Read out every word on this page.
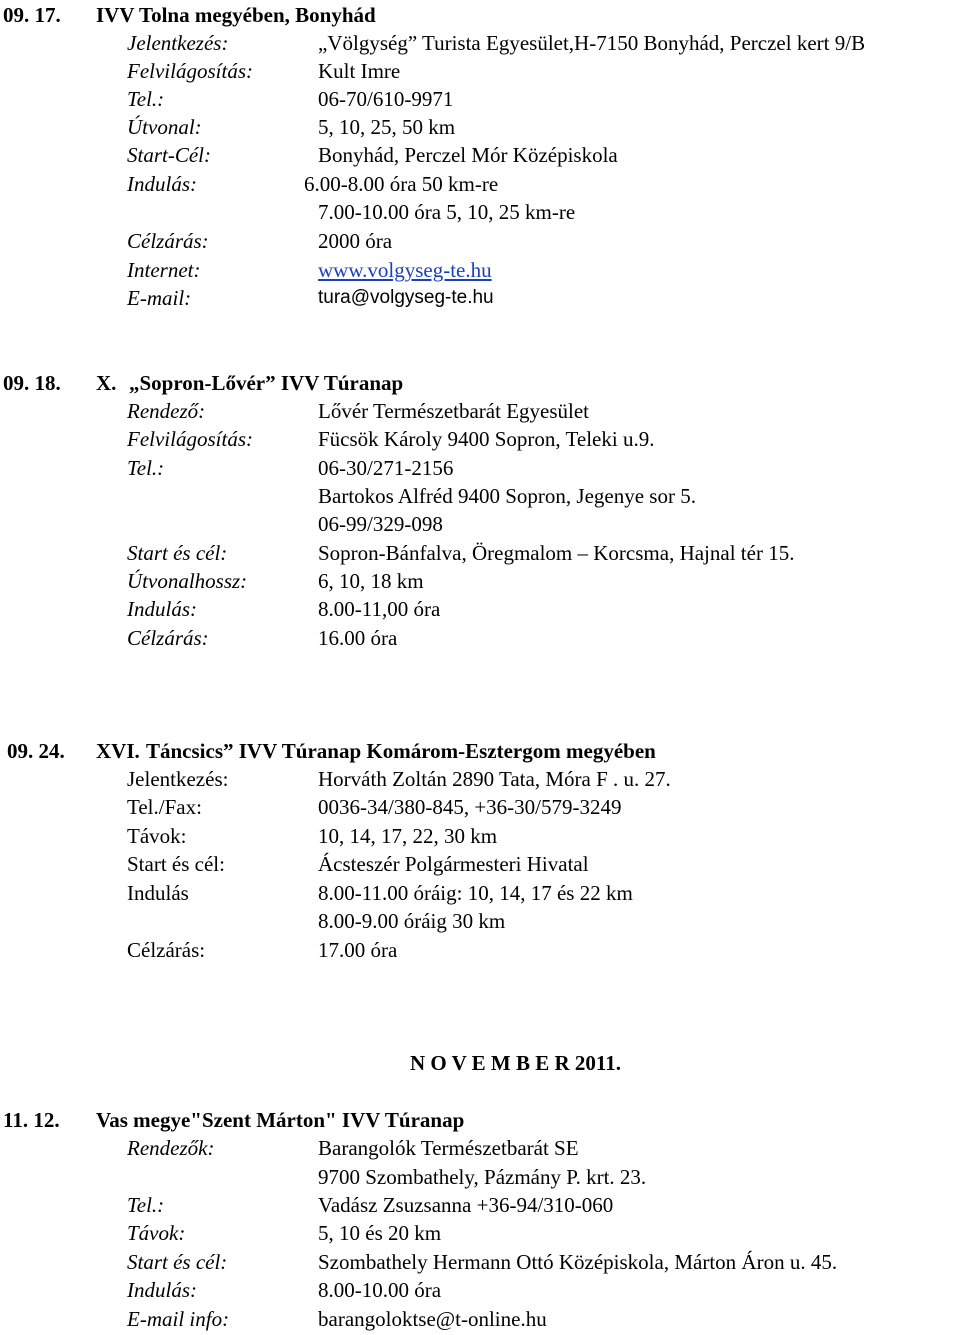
09. 17. IVV Tolna megyében, Bonyhád
Jelentkezés:	„Völgység” Turista Egyesület,H-7150 Bonyhád, Perczel kert 9/B
Felvilágosítás:	Kult Imre
Tel.:	06-70/610-9971
Útvonal:	5, 10, 25, 50 km
Start-Cél:	Bonyhád, Perczel Mór Középiskola
Indulás:	6.00-8.00 óra 50 km-re
7.00-10.00 óra 5, 10, 25 km-re
Célzárás:	2000 óra
Internet:	www.volgyseg-te.hu
E-mail:	tura@volgyseg-te.hu
09. 18. X. „Sopron-Lővér” IVV Túranap
Rendező:	Lővér Természetbarát Egyesület
Felvilágosítás:	Fücsök Károly 9400 Sopron, Teleki u.9.
Tel.:	06-30/271-2156
Bartokos Alfréd 9400 Sopron, Jegenye sor 5.
06-99/329-098
Start és cél:	Sopron-Bánfalva, Öregmalom – Korcsma, Hajnal tér 15.
Útvonalhossz:	6, 10, 18 km
Indulás:	8.00-11,00 óra
Célzárás:	16.00 óra
09. 24. XVI. Táncsics” IVV Túranap Komárom-Esztergom megyében
Jelentkezés:	Horváth Zoltán 2890 Tata, Móra F . u. 27.
Tel./Fax:	0036-34/380-845, +36-30/579-3249
Távok:	10, 14, 17, 22, 30 km
Start és cél:	Ácsteszér Polgármesteri Hivatal
Indulás	8.00-11.00 óráig: 10, 14, 17 és 22 km
8.00-9.00 óráig 30 km
Célzárás:	17.00 óra
N O V E M B E R 2011.
11. 12. Vas megye"Szent Márton" IVV Túranap
Rendezők:	Barangolók Természetbarát SE
9700 Szombathely, Pázmány P. krt. 23.
Tel.:	Vadász Zsuzsanna +36-94/310-060
Távok:	5, 10 és 20 km
Start és cél:	Szombathely Hermann Ottó Középiskola, Márton Áron u. 45.
Indulás:	8.00-10.00 óra
E-mail info:	barangoloktse@t-online.hu
